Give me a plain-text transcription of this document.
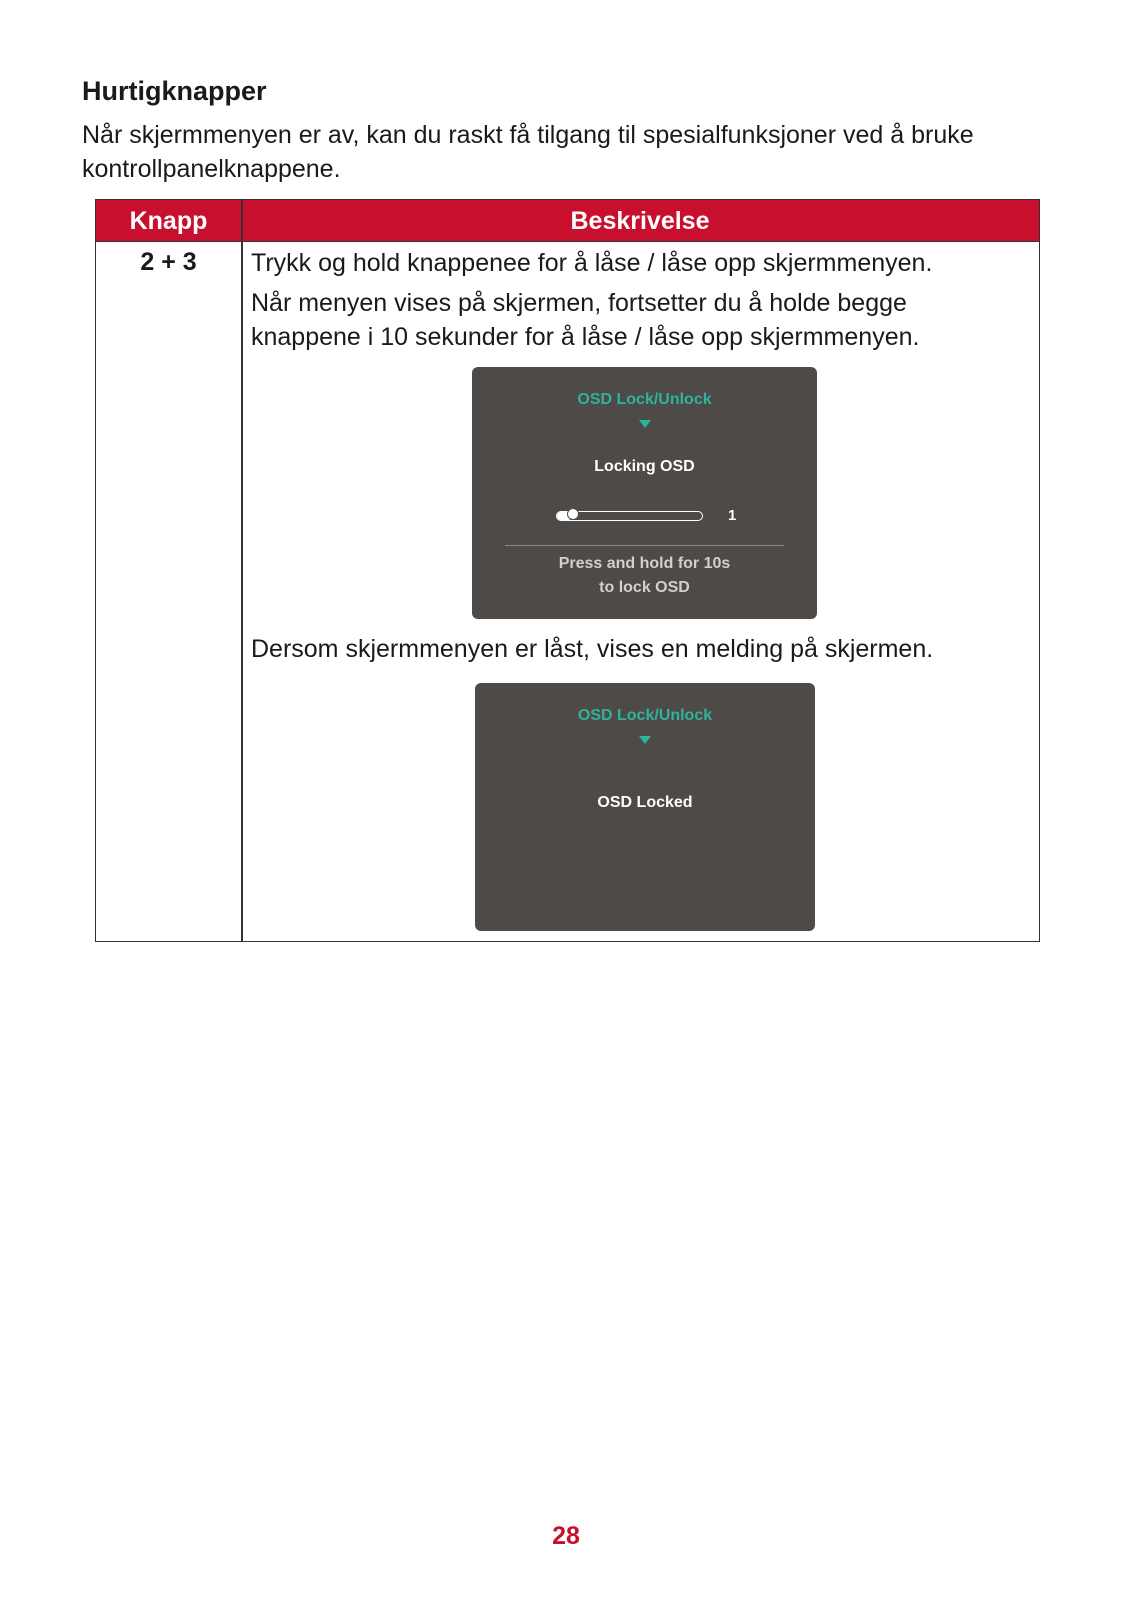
Hurtigknapper
Når skjermmenyen er av, kan du raskt få tilgang til spesialfunksjoner ved å bruke kontrollpanelknappene.
Knapp	Beskrivelse
2 + 3	Trykk og hold knappenee for å låse / låse opp skjermmenyen.
Når menyen vises på skjermen, fortsetter du å holde begge knappene i 10 sekunder for å låse / låse opp skjermmenyen.
OSD Lock/Unlock
Locking OSD
1
Press and hold for 10s
to lock OSD
Dersom skjermmenyen er låst, vises en melding på skjermen.
OSD Lock/Unlock
OSD Locked
28
